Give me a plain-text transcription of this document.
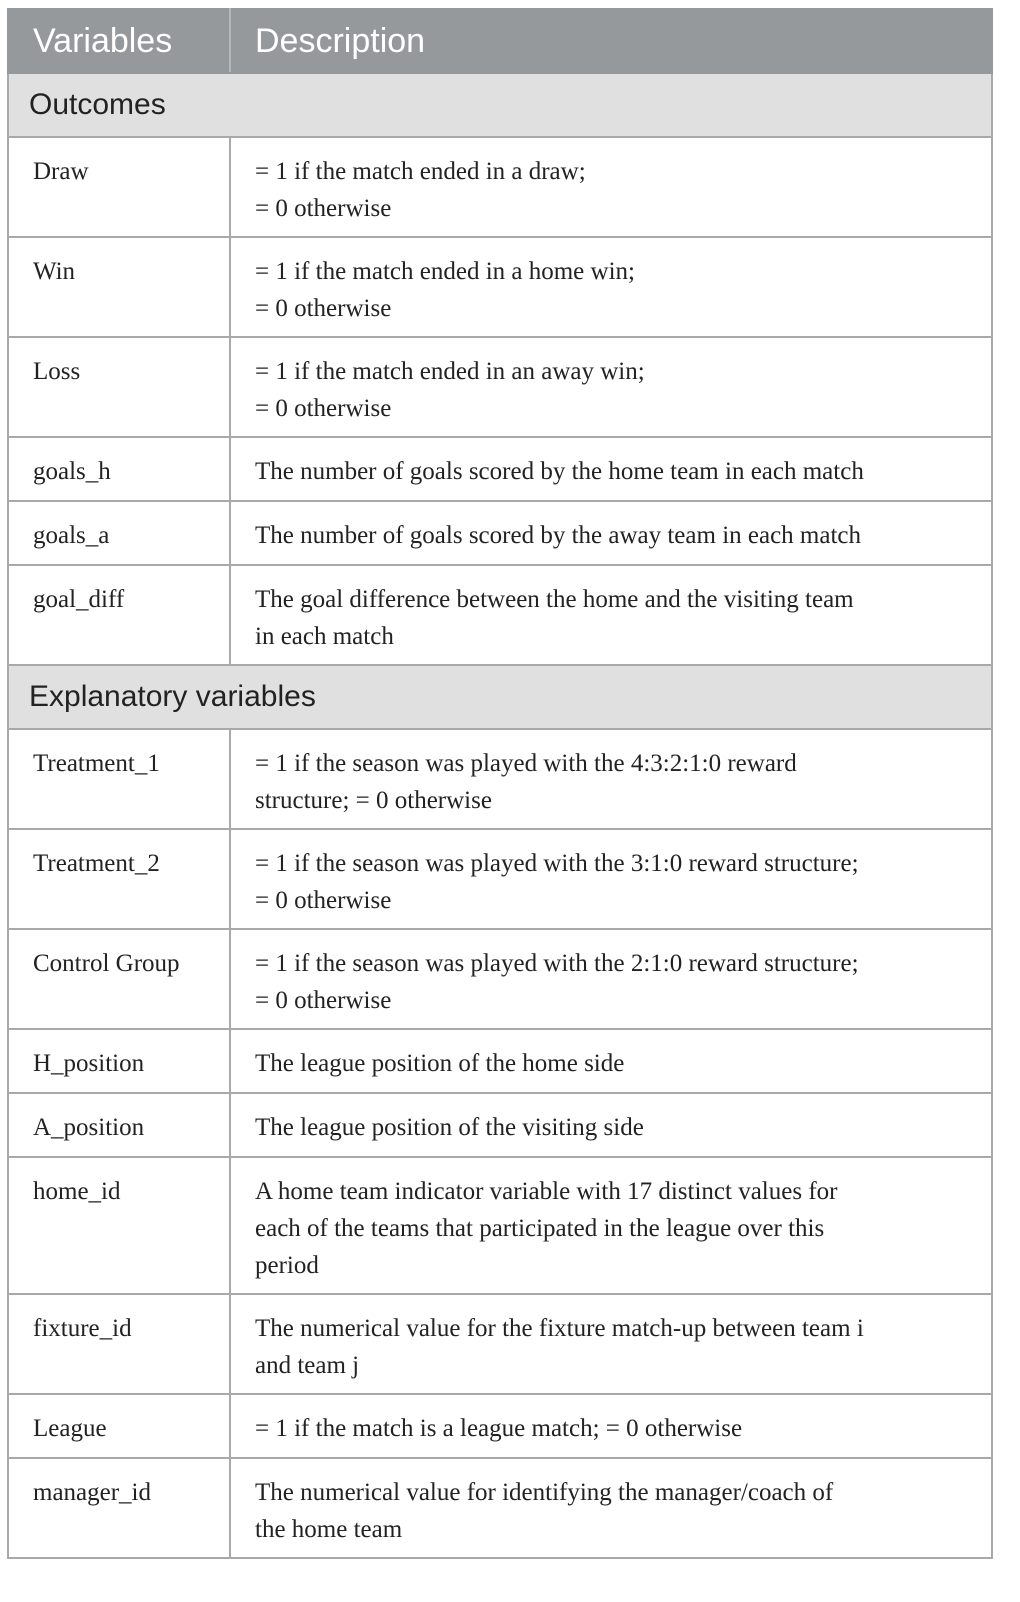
Variables	Description
Outcomes	
Draw	= 1 if the match ended in a draw;
= 0 otherwise

Win	= 1 if the match ended in a home win;
= 0 otherwise

Loss	= 1 if the match ended in an away win;
= 0 otherwise

goals_h	The number of goals scored by the home team in each match

goals_a	The number of goals scored by the away team in each match

goal_diff	The goal difference between the home and the visiting team
in each match

Explanatory variables	
Treatment_1	= 1 if the season was played with the 4:3:2:1:0 reward
structure; = 0 otherwise

Treatment_2	= 1 if the season was played with the 3:1:0 reward structure;
= 0 otherwise

Control Group	= 1 if the season was played with the 2:1:0 reward structure;
= 0 otherwise

H_position	The league position of the home side

A_position	The league position of the visiting side

home_id	A home team indicator variable with 17 distinct values for
each of the teams that participated in the league over this
period

fixture_id	The numerical value for the fixture match-up between team i
and team j

League	= 1 if the match is a league match; = 0 otherwise

manager_id	The numerical value for identifying the manager/coach of
the home team
